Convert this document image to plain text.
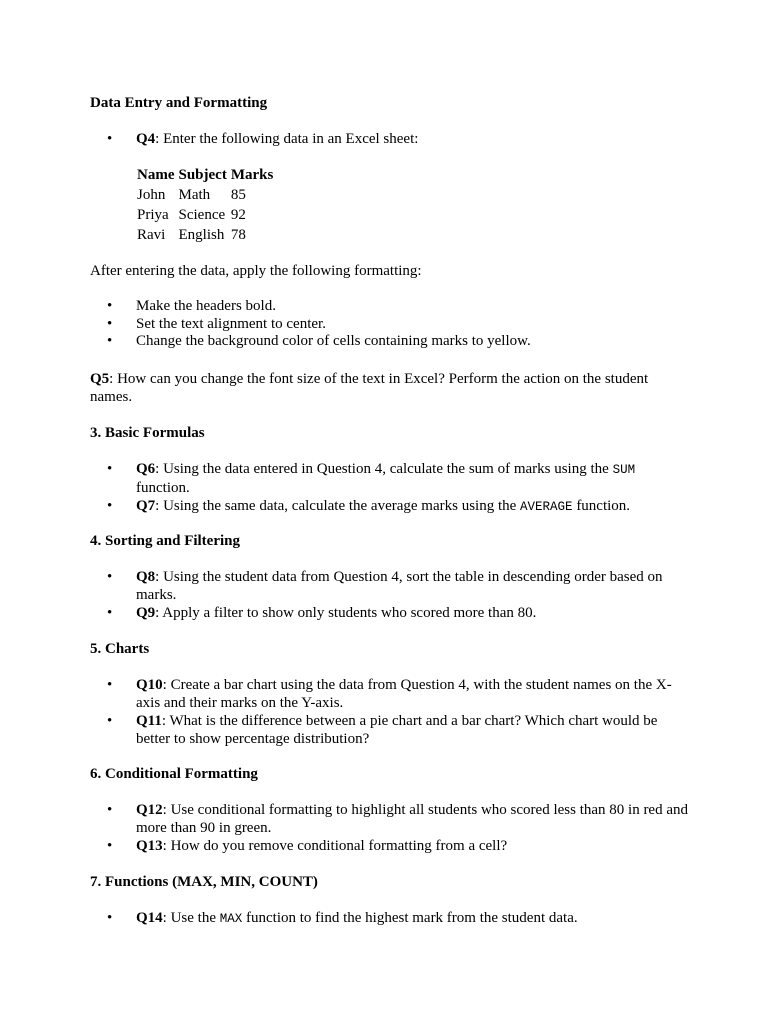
Data Entry and Formatting

• Q4: Enter the following data in an Excel sheet:
Name	Subject	Marks
John	Math	85
Priya	Science	92
Ravi	English	78

After entering the data, apply the following formatting:

• Make the headers bold.
• Set the text alignment to center.
• Change the background color of cells containing marks to yellow.

Q5: How can you change the font size of the text in Excel? Perform the action on the student names.

3. Basic Formulas

• Q6: Using the data entered in Question 4, calculate the sum of marks using the SUM function.
• Q7: Using the same data, calculate the average marks using the AVERAGE function.

4. Sorting and Filtering

• Q8: Using the student data from Question 4, sort the table in descending order based on marks.
• Q9: Apply a filter to show only students who scored more than 80.

5. Charts

• Q10: Create a bar chart using the data from Question 4, with the student names on the X-axis and their marks on the Y-axis.
• Q11: What is the difference between a pie chart and a bar chart? Which chart would be better to show percentage distribution?

6. Conditional Formatting

• Q12: Use conditional formatting to highlight all students who scored less than 80 in red and more than 90 in green.
• Q13: How do you remove conditional formatting from a cell?

7. Functions (MAX, MIN, COUNT)

• Q14: Use the MAX function to find the highest mark from the student data.
